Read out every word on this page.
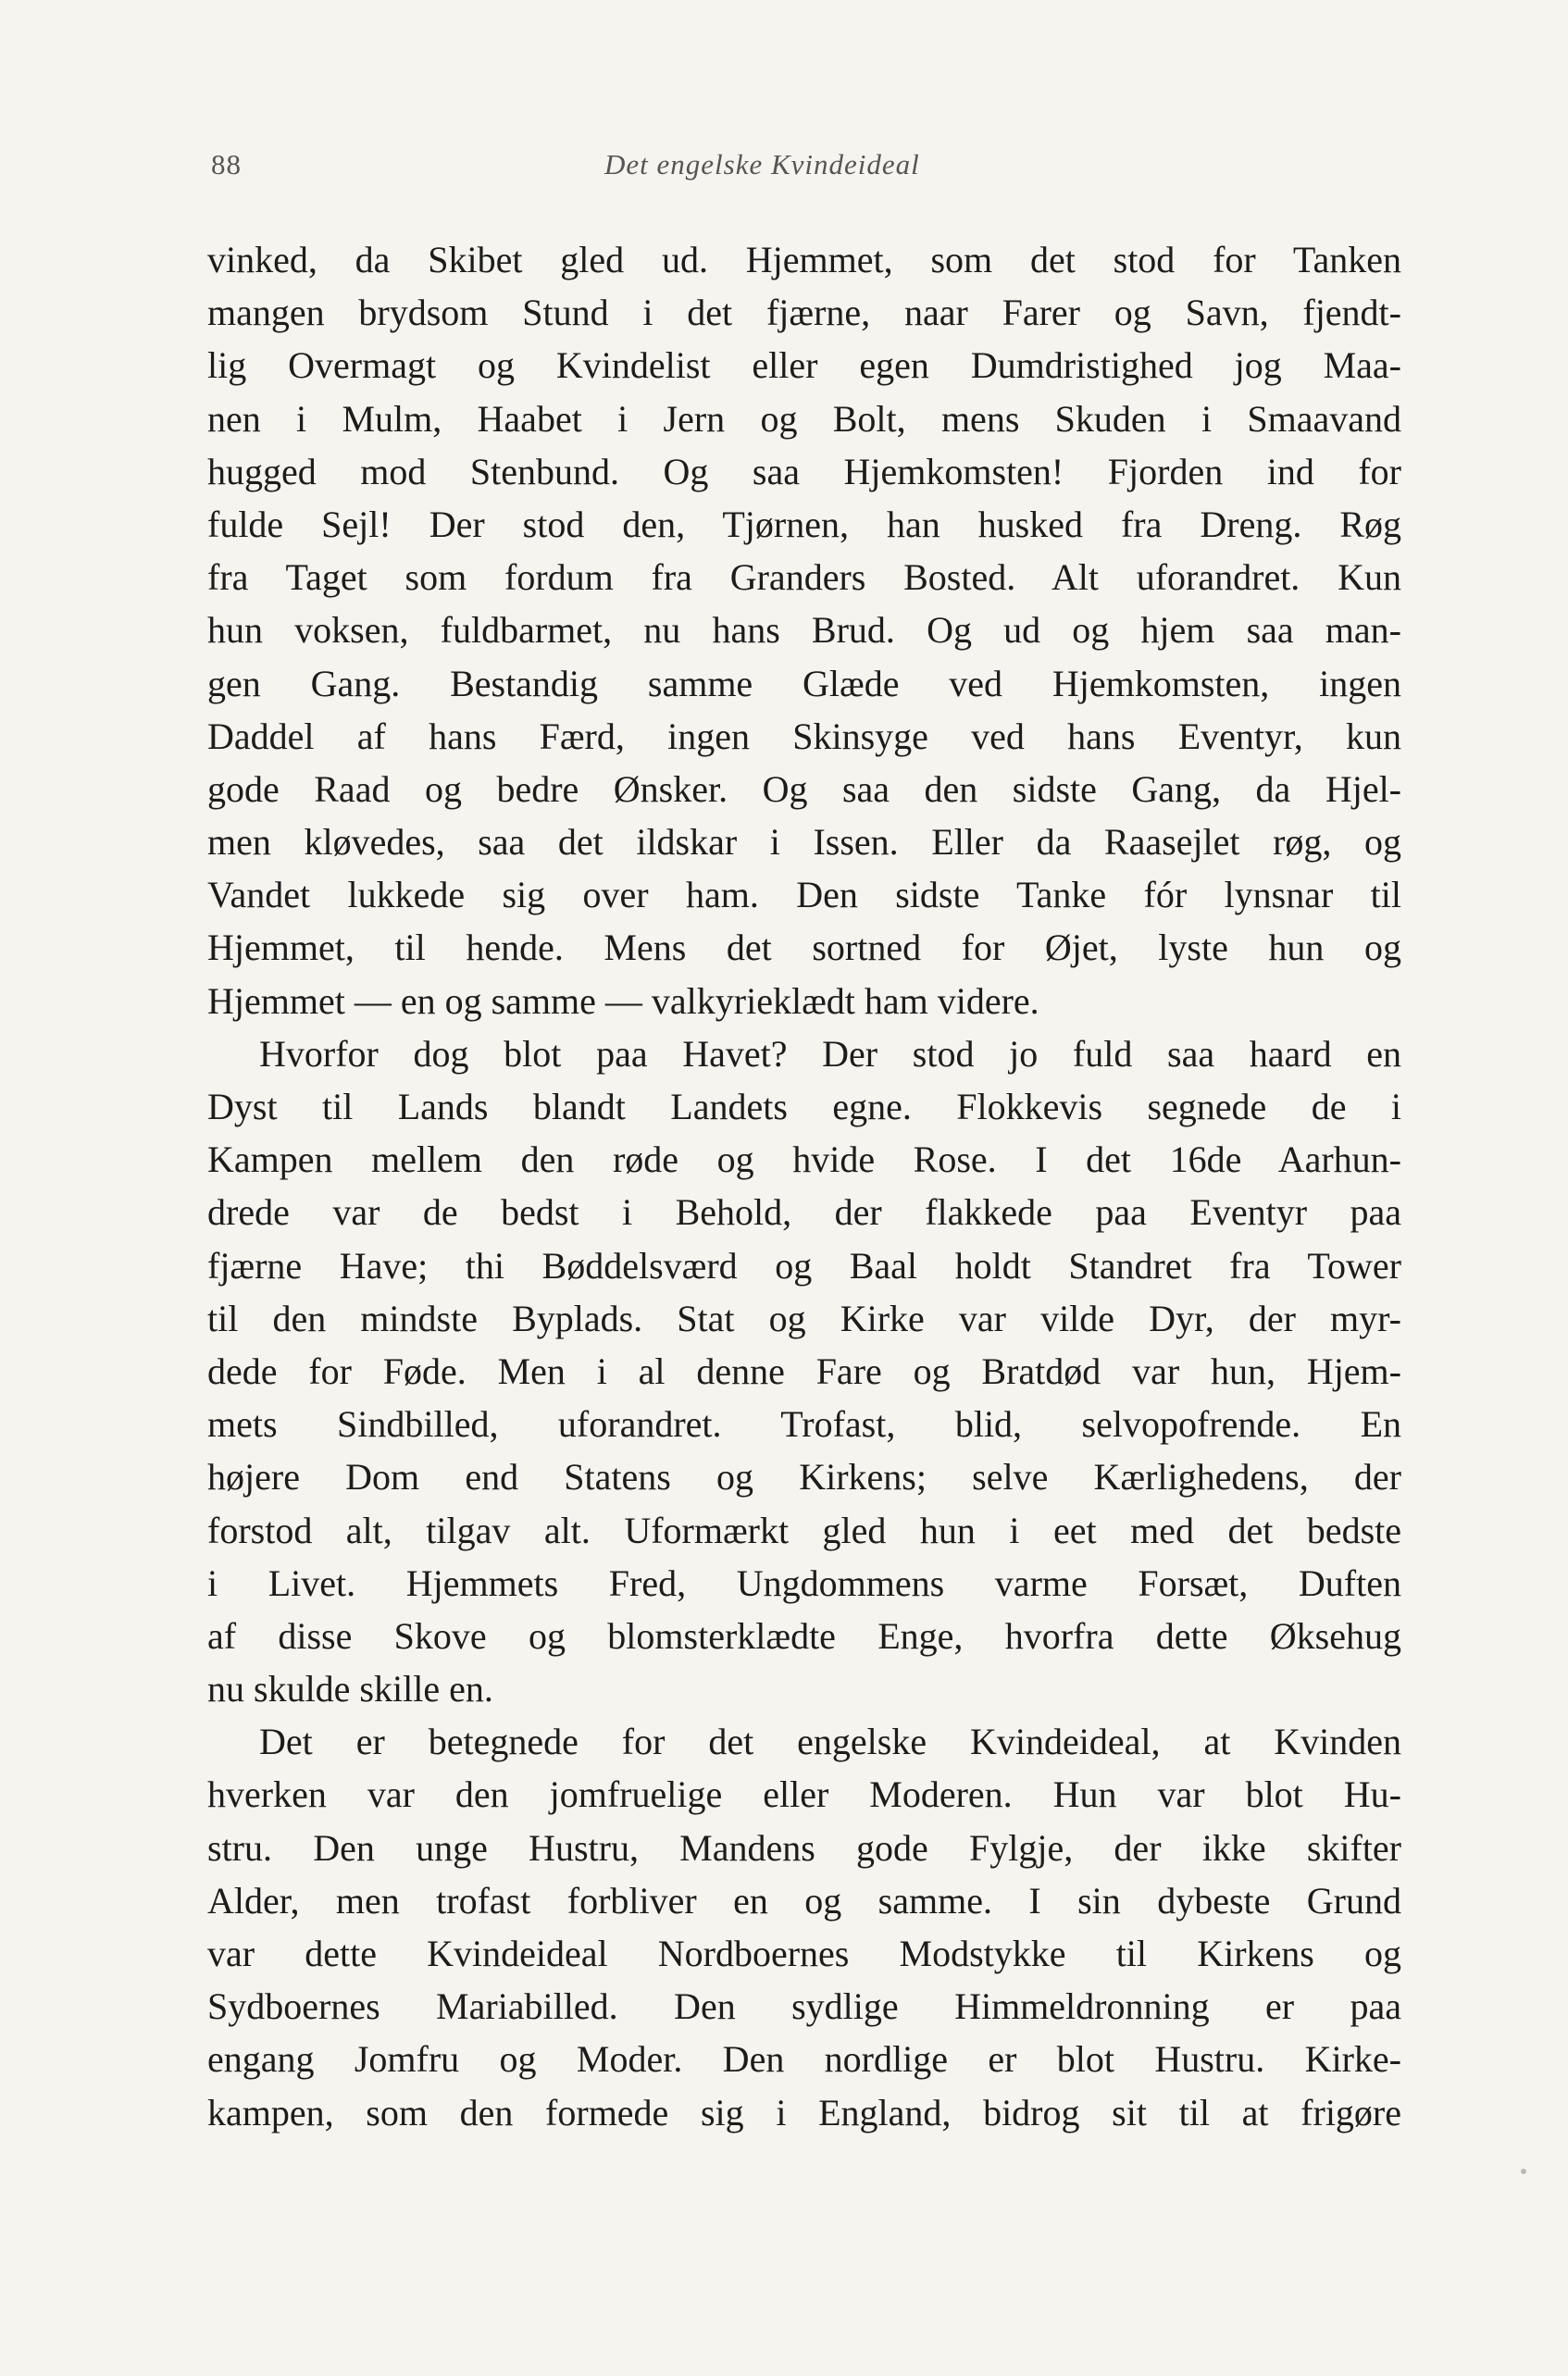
88	Det engelske Kvindeideal
vinked, da Skibet gled ud. Hjemmet, som det stod for Tanken
mangen brydsom Stund i det fjærne, naar Farer og Savn, fjendt-
lig Overmagt og Kvindelist eller egen Dumdristighed jog Maa-
nen i Mulm, Haabet i Jern og Bolt, mens Skuden i Smaavand
hugged mod Stenbund. Og saa Hjemkomsten! Fjorden ind for
fulde Sejl! Der stod den, Tjørnen, han husked fra Dreng. Røg
fra Taget som fordum fra Granders Bosted. Alt uforandret. Kun
hun voksen, fuldbarmet, nu hans Brud. Og ud og hjem saa man-
gen Gang. Bestandig samme Glæde ved Hjemkomsten, ingen
Daddel af hans Færd, ingen Skinsyge ved hans Eventyr, kun
gode Raad og bedre Ønsker. Og saa den sidste Gang, da Hjel-
men kløvedes, saa det ildskar i Issen. Eller da Raasejlet røg, og
Vandet lukkede sig over ham. Den sidste Tanke fór lynsnar til
Hjemmet, til hende. Mens det sortned for Øjet, lyste hun og
Hjemmet — en og samme — valkyrieklædt ham videre.
Hvorfor dog blot paa Havet? Der stod jo fuld saa haard en
Dyst til Lands blandt Landets egne. Flokkevis segnede de i
Kampen mellem den røde og hvide Rose. I det 16de Aarhun-
drede var de bedst i Behold, der flakkede paa Eventyr paa
fjærne Have; thi Bøddelsværd og Baal holdt Standret fra Tower
til den mindste Byplads. Stat og Kirke var vilde Dyr, der myr-
dede for Føde. Men i al denne Fare og Bratdød var hun, Hjem-
mets Sindbilled, uforandret. Trofast, blid, selvopofrende. En
højere Dom end Statens og Kirkens; selve Kærlighedens, der
forstod alt, tilgav alt. Uformærkt gled hun i eet med det bedste
i Livet. Hjemmets Fred, Ungdommens varme Forsæt, Duften
af disse Skove og blomsterklædte Enge, hvorfra dette Øksehug
nu skulde skille en.
Det er betegnede for det engelske Kvindeideal, at Kvinden
hverken var den jomfruelige eller Moderen. Hun var blot Hu-
stru. Den unge Hustru, Mandens gode Fylgje, der ikke skifter
Alder, men trofast forbliver en og samme. I sin dybeste Grund
var dette Kvindeideal Nordboernes Modstykke til Kirkens og
Sydboernes Mariabilled. Den sydlige Himmeldronning er paa
engang Jomfru og Moder. Den nordlige er blot Hustru. Kirke-
kampen, som den formede sig i England, bidrog sit til at frigøre
